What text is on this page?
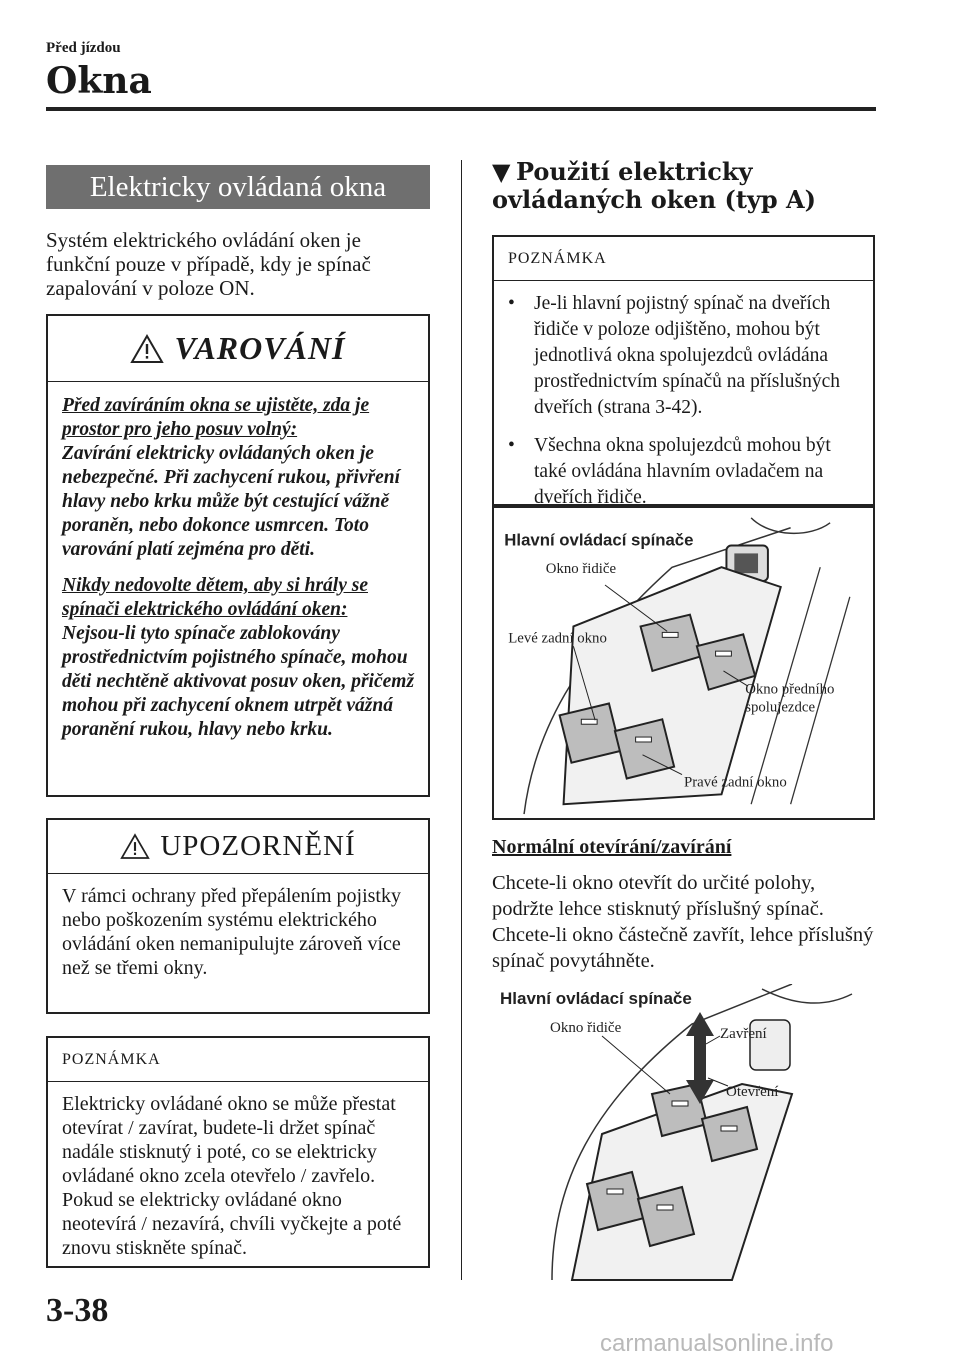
Před jízdou
Okna
Elektricky ovládaná okna
Systém elektrického ovládání oken je funkční pouze v případě, kdy je spínač zapalování v poloze ON.
VAROVÁNÍ

Před zavíráním okna se ujistěte, zda je prostor pro jeho posuv volný:
Zavírání elektricky ovládaných oken je nebezpečné. Při zachycení rukou, přivření hlavy nebo krku může být cestující vážně poraněn, nebo dokonce usmrcen. Toto varování platí zejména pro děti.

Nikdy nedovolte dětem, aby si hrály se spínači elektrického ovládání oken:
Nejsou-li tyto spínače zablokovány prostřednictvím pojistného spínače, mohou děti nechtěně aktivovat posuv oken, přičemž mohou při zachycení oknem utrpět vážná poranění rukou, hlavy nebo krku.

UPOZORNĚNÍ
V rámci ochrany před přepálením pojistky nebo poškozením systému elektrického ovládání oken nemanipulujte zároveň více než se třemi okny.
POZNÁMKA
Elektricky ovládané okno se může přestat otevírat / zavírat, budete-li držet spínač nadále stisknutý i poté, co se elektricky ovládané okno zcela otevřelo / zavřelo. Pokud se elektricky ovládané okno neotevírá / nezavírá, chvíli vyčkejte a poté znovu stiskněte spínač.
▼ Použití elektricky ovládaných oken (typ A)
POZNÁMKA
• Je-li hlavní pojistný spínač na dveřích řidiče v poloze odjištěno, mohou být jednotlivá okna spolujezdců ovládána prostřednictvím spínačů na příslušných dveřích (strana 3-42).
• Všechna okna spolujezdců mohou být také ovládána hlavním ovladačem na dveřích řidiče.
Hlavní ovládací spínače
Okno řidiče
Levé zadní okno
Okno předního
spolujezdce
Pravé zadní okno
Normální otevírání/zavírání
Chcete-li okno otevřít do určité polohy, podržte lehce stisknutý příslušný spínač. Chcete-li okno částečně zavřít, lehce příslušný spínač povytáhněte.
Hlavní ovládací spínače
Okno řidiče	Zavření
Otevření
3-38
carmanualsonline.info
